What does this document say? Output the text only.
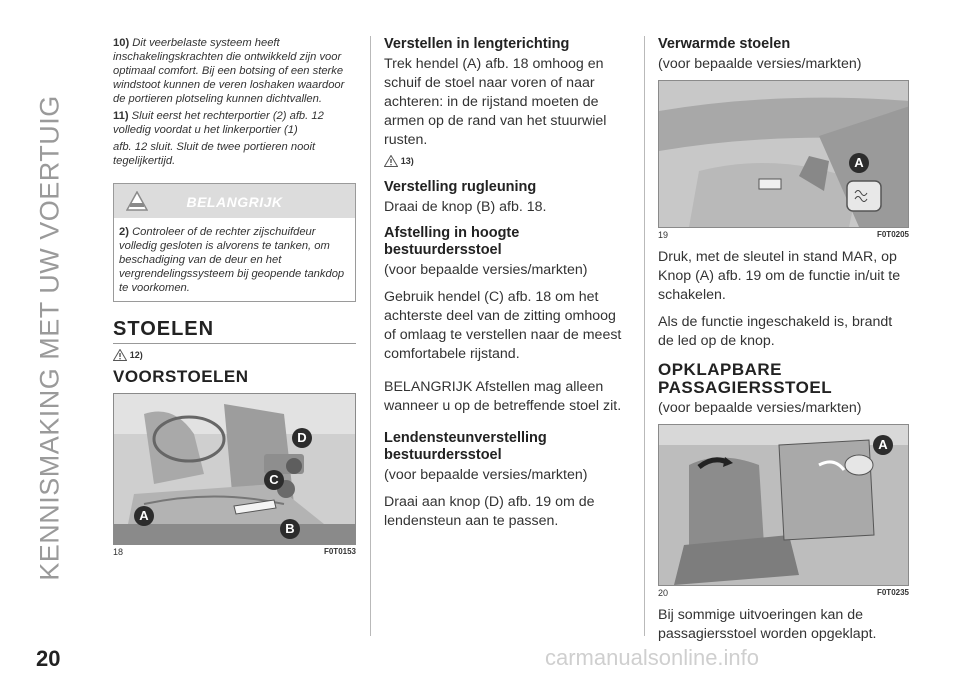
KENNISMAKING MET UW VOERTUIG

10) Dit veerbelaste systeem heeft inschakelingskrachten die ontwikkeld zijn voor optimaal comfort. Bij een botsing of een sterke windstoot kunnen de veren loshaken waardoor de portieren plotseling kunnen dichtvallen.

11) Sluit eerst het rechterportier (2) afb. 12 volledig voordat u het linkerportier (1)

afb. 12 sluit. Sluit de twee portieren nooit tegelijkertijd.

BELANGRIJK

2) Controleer of de rechter zijschuifdeur volledig gesloten is alvorens te tanken, om beschadiging van de deur en het vergrendelingssysteem bij geopende tankdop te voorkomen.

STOELEN
12)
VOORSTOELEN
D
C
A
B
18	F0T0153
Verstellen in lengterichting

Trek hendel (A) afb. 18 omhoog en schuif de stoel naar voren of naar achteren: in de rijstand moeten de armen op de rand van het stuurwiel rusten.

13)
Verstelling rugleuning

Draai de knop (B) afb. 18.

Afstelling in hoogte bestuurdersstoel

(voor bepaalde versies/markten)

Gebruik hendel (C) afb. 18 om het achterste deel van de zitting omhoog of omlaag te verstellen naar de meest comfortabele rijstand.

BELANGRIJK Afstellen mag alleen wanneer u op de betreffende stoel zit.

Lendensteunverstelling bestuurdersstoel

(voor bepaalde versies/markten)

Draai aan knop (D) afb. 19 om de lendensteun aan te passen.

Verwarmde stoelen

(voor bepaalde versies/markten)

A
19	F0T0205

Druk, met de sleutel in stand MAR, op Knop (A) afb. 19 om de functie in/uit te schakelen.

Als de functie ingeschakeld is, brandt de led op de knop.

OPKLAPBARE PASSAGIERSSTOEL

(voor bepaalde versies/markten)

A
20	F0T0235

Bij sommige uitvoeringen kan de passagiersstoel worden opgeklapt.

20	carmanualsonline.info
